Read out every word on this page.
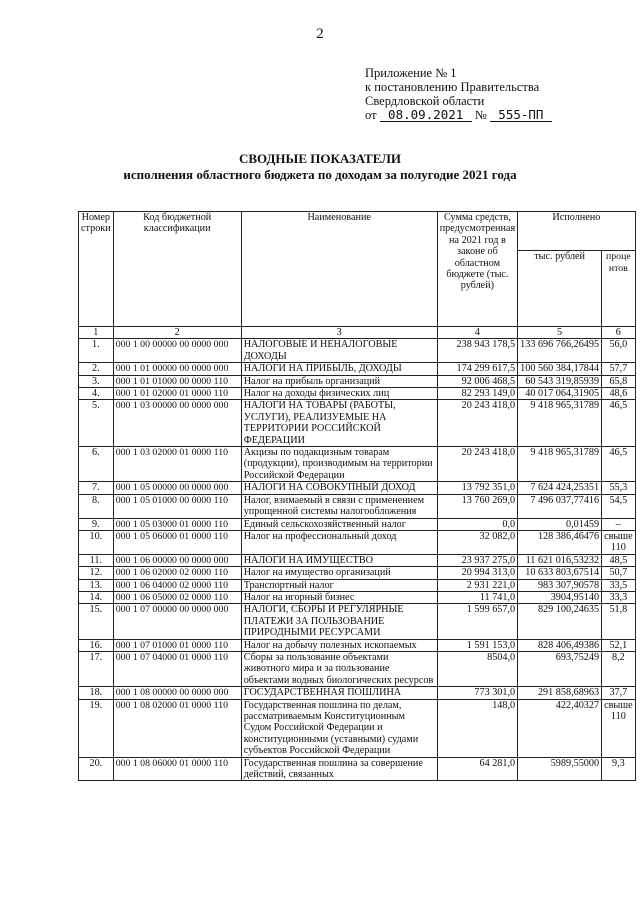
2
Приложение № 1
к постановлению Правительства
Свердловской области
от 08.09.2021 № 555-ПП
СВОДНЫЕ ПОКАЗАТЕЛИ
исполнения областного бюджета по доходам за полугодие 2021 года
Номер строки	Код бюджетной классификации	Наименование	Сумма средств, предусмотренная на 2021 год в законе об областном бюджете (тыс. рублей)	Исполнено	
				тыс. рублей	процентов
1	2	3	4	5	6
1.	000 1 00 00000 00 0000 000	НАЛОГОВЫЕ И НЕНАЛОГОВЫЕ ДОХОДЫ	238 943 178,5	133 696 766,26495	56,0
2.	000 1 01 00000 00 0000 000	НАЛОГИ НА ПРИБЫЛЬ, ДОХОДЫ	174 299 617,5	100 560 384,17844	57,7
3.	000 1 01 01000 00 0000 110	Налог на прибыль организаций	92 006 468,5	60 543 319,85939	65,8
4.	000 1 01 02000 01 0000 110	Налог на доходы физических лиц	82 293 149,0	40 017 064,31905	48,6
5.	000 1 03 00000 00 0000 000	НАЛОГИ НА ТОВАРЫ (РАБОТЫ, УСЛУГИ), РЕАЛИЗУЕМЫЕ НА ТЕРРИТОРИИ РОССИЙСКОЙ ФЕДЕРАЦИИ	20 243 418,0	9 418 965,31789	46,5
6.	000 1 03 02000 01 0000 110	Акцизы по подакцизным товарам (продукции), производимым на территории Российской Федерации	20 243 418,0	9 418 965,31789	46,5
7.	000 1 05 00000 00 0000 000	НАЛОГИ НА СОВОКУПНЫЙ ДОХОД	13 792 351,0	7 624 424,25351	55,3
8.	000 1 05 01000 00 0000 110	Налог, взимаемый в связи с применением упрощенной системы налогообложения	13 760 269,0	7 496 037,77416	54,5
9.	000 1 05 03000 01 0000 110	Единый сельскохозяйственный налог	0,0	0,01459	–
10.	000 1 05 06000 01 0000 110	Налог на профессиональный доход	32 082,0	128 386,46476	свыше 110
11.	000 1 06 00000 00 0000 000	НАЛОГИ НА ИМУЩЕСТВО	23 937 275,0	11 621 016,53232	48,5
12.	000 1 06 02000 02 0000 110	Налог на имущество организаций	20 994 313,0	10 633 803,67514	50,7
13.	000 1 06 04000 02 0000 110	Транспортный налог	2 931 221,0	983 307,90578	33,5
14.	000 1 06 05000 02 0000 110	Налог на игорный бизнес	11 741,0	3904,95140	33,3
15.	000 1 07 00000 00 0000 000	НАЛОГИ, СБОРЫ И РЕГУЛЯРНЫЕ ПЛАТЕЖИ ЗА ПОЛЬЗОВАНИЕ ПРИРОДНЫМИ РЕСУРСАМИ	1 599 657,0	829 100,24635	51,8
16.	000 1 07 01000 01 0000 110	Налог на добычу полезных ископаемых	1 591 153,0	828 406,49386	52,1
17.	000 1 07 04000 01 0000 110	Сборы за пользование объектами животного мира и за пользование объектами водных биологических ресурсов	8504,0	693,75249	8,2
18.	000 1 08 00000 00 0000 000	ГОСУДАРСТВЕННАЯ ПОШЛИНА	773 301,0	291 858,68963	37,7
19.	000 1 08 02000 01 0000 110	Государственная пошлина по делам, рассматриваемым Конституционным Судом Российской Федерации и конституционными (уставными) судами субъектов Российской Федерации	148,0	422,40327	свыше 110
20.	000 1 08 06000 01 0000 110	Государственная пошлина за совершение действий, связанных	64 281,0	5989,55000	9,3
